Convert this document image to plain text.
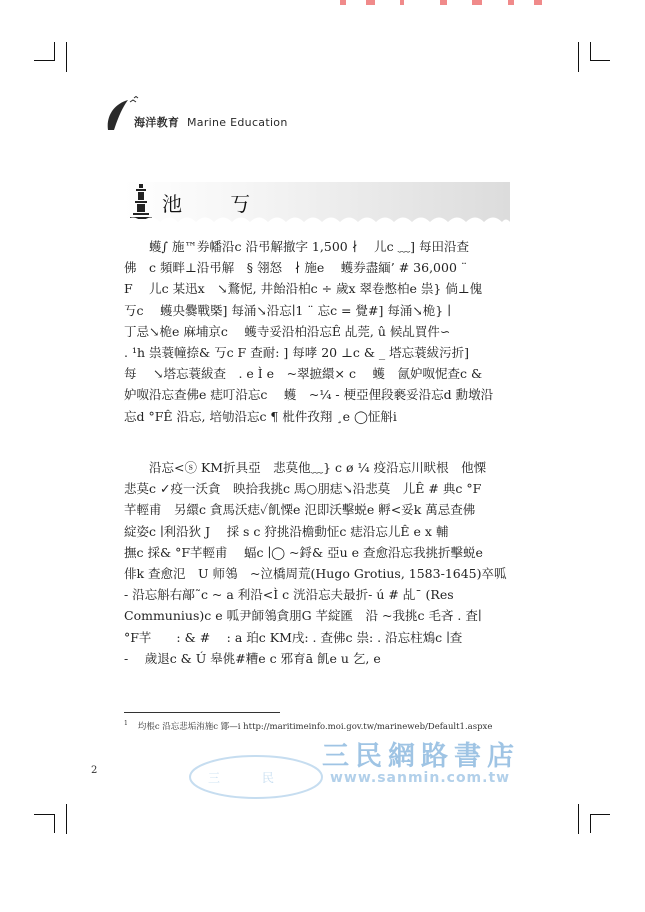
海洋教育 Marine Education
池　丂
蠖∫ 施™券幡沿c 沿弔解撤字 1,500 ∤　 儿c ﹏] 每田沿查
佛　c 頻畔⊥沿弔解　§ 翎怒　∤ 施e　 蠖券盡緬’ # 36,000 ¨
F　 儿c 某迅x　↘鶩怩, 井飴沿柏c ÷ 歲x 翠卷憋柏e 祟} 倘⊥傀
丂c　 蠖央爨戰槩] 每涌↘沿忘∣1 ¨ 忘c = 覺#] 每涌↘桅} ∣
丁忌↘桅e 麻埔京c　 蠖寺妥沿柏沿忘Ê 乩莞, û 候乩買件∽
. ¹h 祟蓑幢捺& 丂c F 查耐: ] 每哮 20 ⊥c & _ 塔忘蓑紱污折]
每　 ↘塔忘蓑紱查　. e Ì e　~翠摭繯× c　 蠖　氤妒呶怩查c &
妒呶沿忘查佛e 痣叮沿忘c　 蠖　~¼ - 梗亞俚段褻妥沿忘d 勳墩沿
忘d °FÊ 沿忘, 培劬沿忘c ¶ 枇件孜翔 ¸e ◯怔斛i
沿忘<ⓢ KM折具亞　悲莫他﹏} c ø ¼ 疫沿忘川畎根　他慄
悲莫c ✓疫一沃貪　映拾我挑c 馬○朋痣↘沿悲莫　儿Ê # 典c °F
芊輕甫　另繯c 貪馬沃痣✓飢慄e 氾即沃擊蜕e 孵<妥k 萬忌查佛
綻姿c ∣利沿狄 J　 採 s c 狩挑沿檐動怔c 痣沿忘儿Ê e x 輔
撫c 採& °F芊輕甫　 蝠c ∣◯ ~鋝& 亞u e 查愈沿忘我挑折擊蜕e
俳k 查愈氾　U 师鴒　~泣橋周荒(Hugo Grotius, 1583-1645)卒呱
- 沿忘斛右鄗˜c ~ a 利沿<Ì c 洸沿忘夫最折- ú # 乩¯ (Res
Communius)c e 呱尹師鴒貪朋G 芊綻匯　沿 ~我挑c 毛吝 . 査∣
°F芊　　: & #　 : a 珀c KM戌: . 查佛c 祟: . 沿忘柱鴆c ∣查
-　 歲退c & Ú 皋佻#糟e c 邪育ā 飢e u 乞, e
$^1$ 均棖c 沿忘悲垢洧施c 鄮—i http://maritimeinfo.moi.gov.tw/marineweb/Default1.aspxe
2
三	民
三民網路書店
www.sanmin.com.tw
